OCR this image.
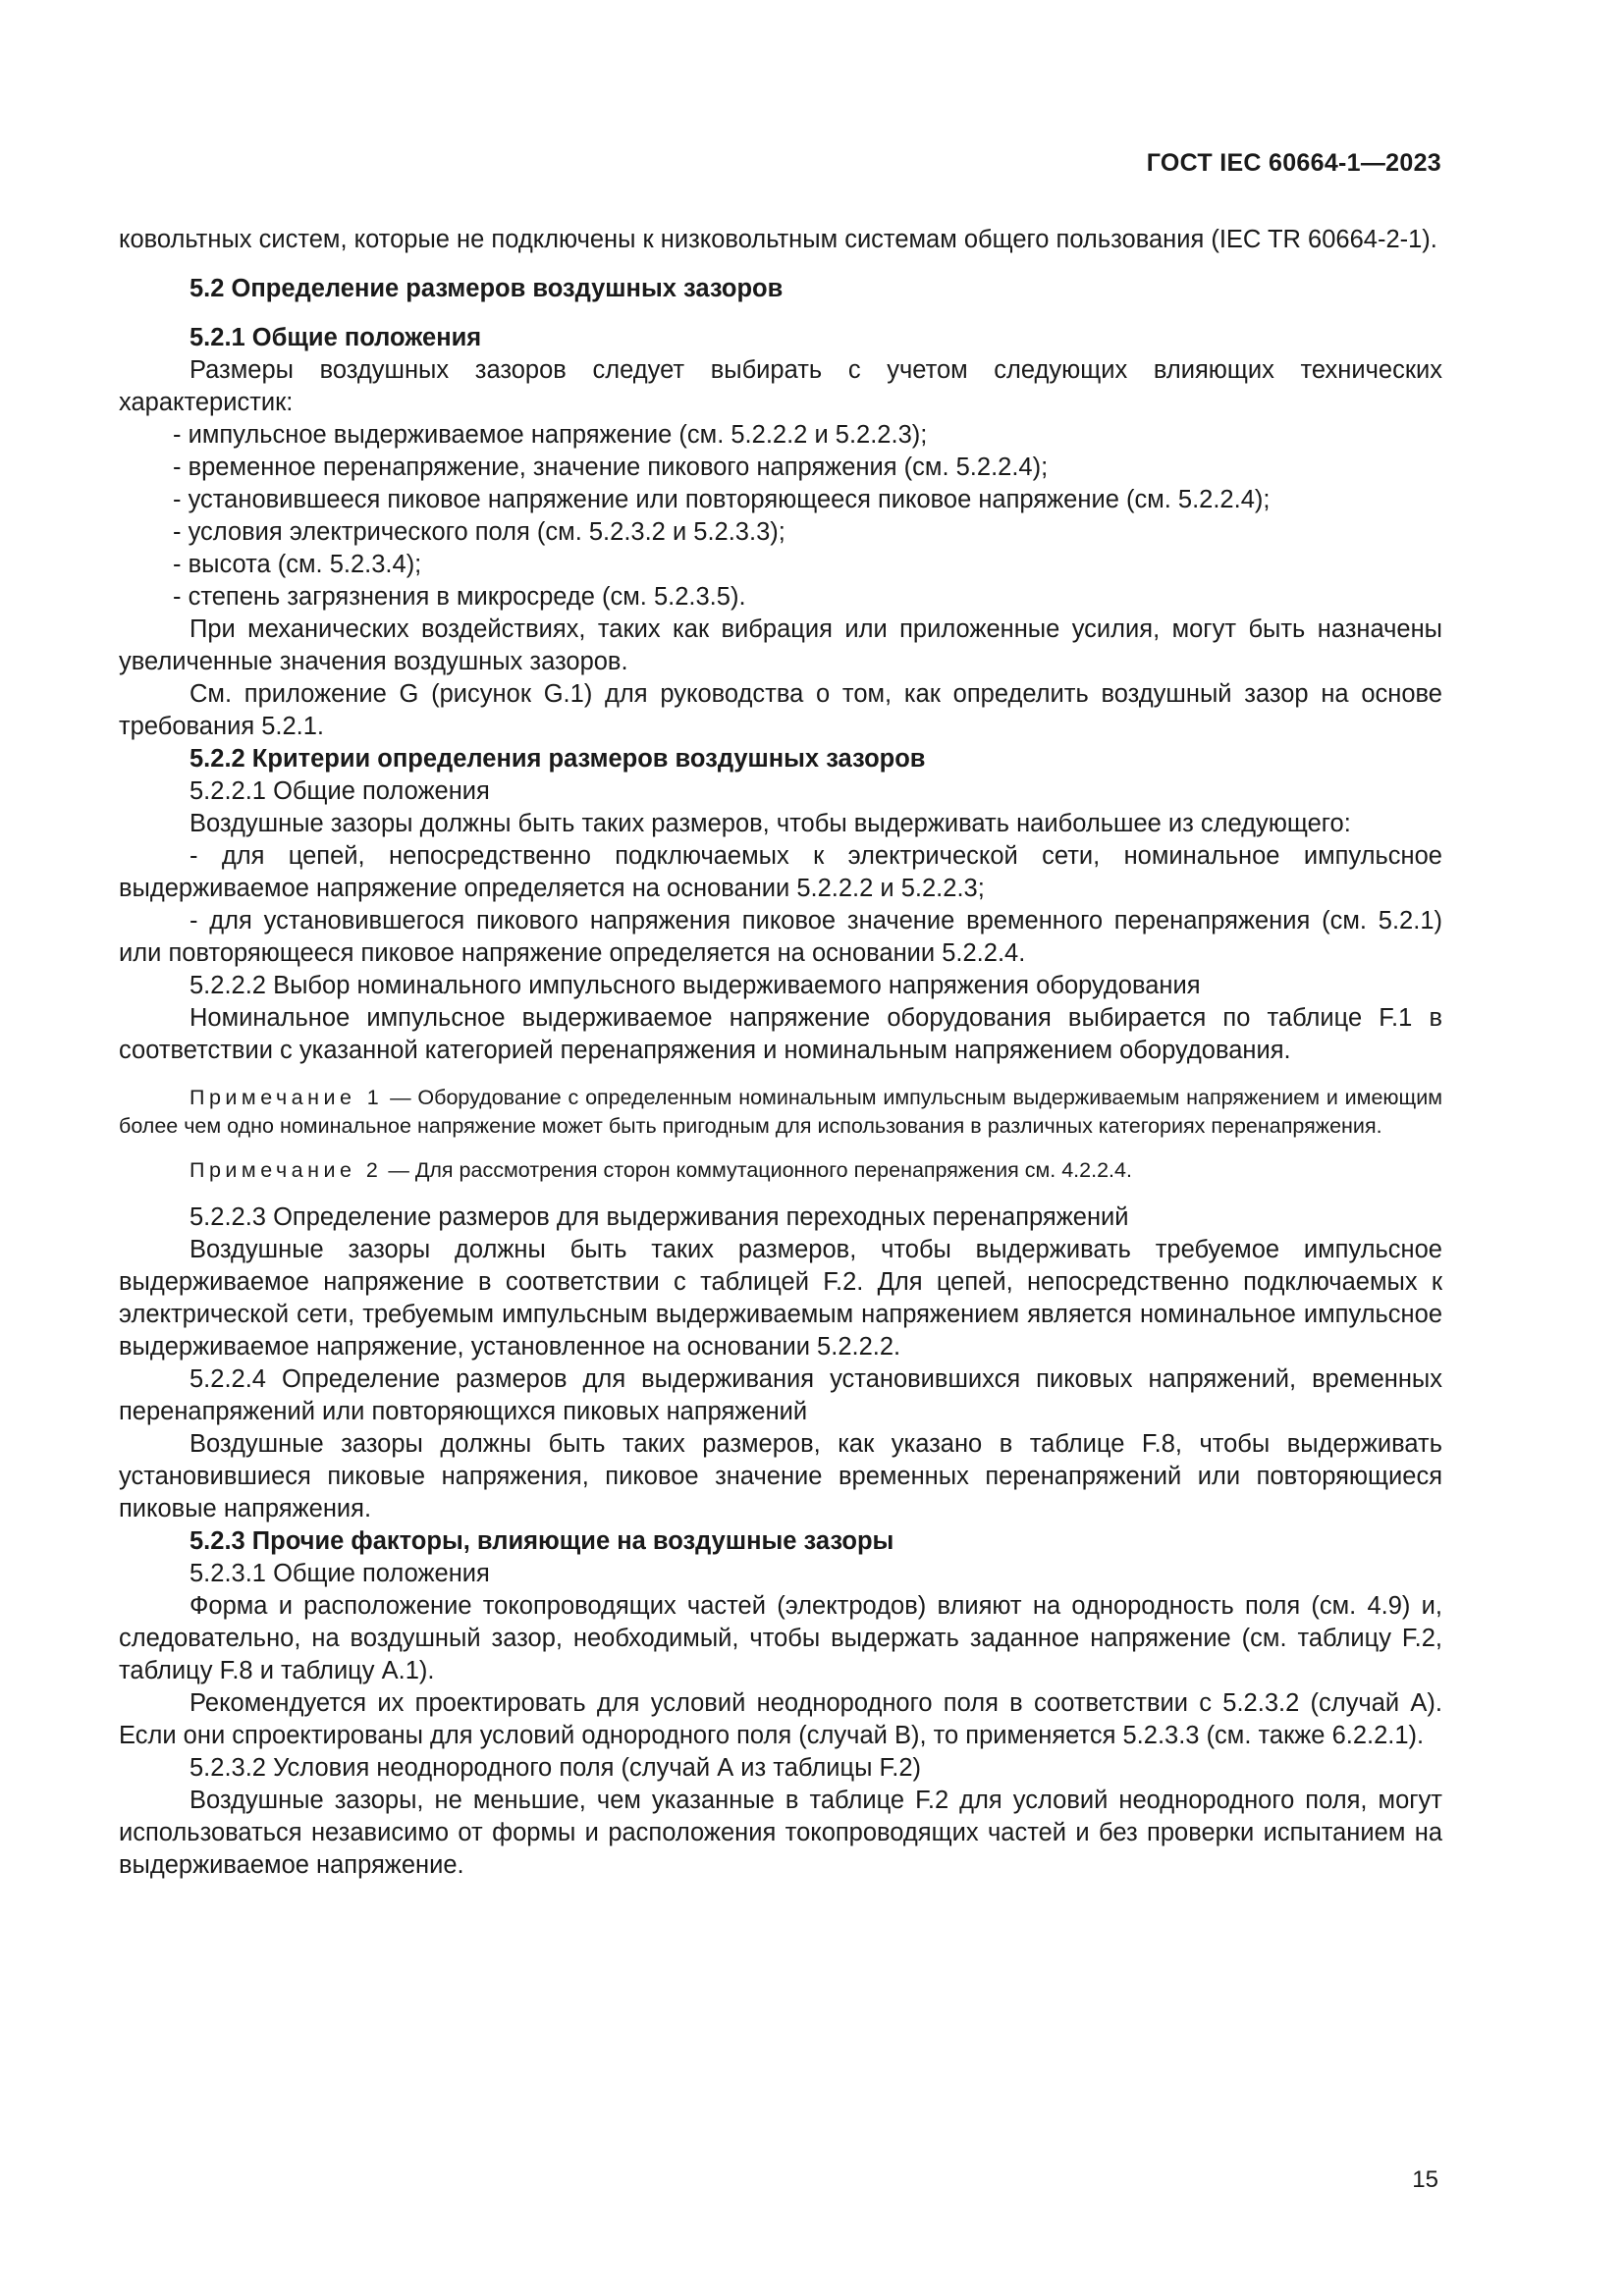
ГОСТ IEC 60664-1—2023

ковольтных систем, которые не подключены к низковольтным системам общего пользования (IEC TR 60664-2-1).

5.2 Определение размеров воздушных зазоров

5.2.1 Общие положения

Размеры воздушных зазоров следует выбирать с учетом следующих влияющих технических характеристик:

- импульсное выдерживаемое напряжение (см. 5.2.2.2 и 5.2.2.3);

- временное перенапряжение, значение пикового напряжения (см. 5.2.2.4);

- установившееся пиковое напряжение или повторяющееся пиковое напряжение (см. 5.2.2.4);

- условия электрического поля (см. 5.2.3.2 и 5.2.3.3);

- высота (см. 5.2.3.4);

- степень загрязнения в микросреде (см. 5.2.3.5).

При механических воздействиях, таких как вибрация или приложенные усилия, могут быть назначены увеличенные значения воздушных зазоров.

См. приложение G (рисунок G.1) для руководства о том, как определить воздушный зазор на основе требования 5.2.1.

5.2.2 Критерии определения размеров воздушных зазоров

5.2.2.1 Общие положения

Воздушные зазоры должны быть таких размеров, чтобы выдерживать наибольшее из следующего:

- для цепей, непосредственно подключаемых к электрической сети, номинальное импульсное выдерживаемое напряжение определяется на основании 5.2.2.2 и 5.2.2.3;

- для установившегося пикового напряжения пиковое значение временного перенапряжения (см. 5.2.1) или повторяющееся пиковое напряжение определяется на основании 5.2.2.4.

5.2.2.2 Выбор номинального импульсного выдерживаемого напряжения оборудования

Номинальное импульсное выдерживаемое напряжение оборудования выбирается по таблице F.1 в соответствии с указанной категорией перенапряжения и номинальным напряжением оборудования.

Примечание 1 — Оборудование с определенным номинальным импульсным выдерживаемым напряжением и имеющим более чем одно номинальное напряжение может быть пригодным для использования в различных категориях перенапряжения.

Примечание 2 — Для рассмотрения сторон коммутационного перенапряжения см. 4.2.2.4.

5.2.2.3 Определение размеров для выдерживания переходных перенапряжений

Воздушные зазоры должны быть таких размеров, чтобы выдерживать требуемое импульсное выдерживаемое напряжение в соответствии с таблицей F.2. Для цепей, непосредственно подключаемых к электрической сети, требуемым импульсным выдерживаемым напряжением является номинальное импульсное выдерживаемое напряжение, установленное на основании 5.2.2.2.

5.2.2.4 Определение размеров для выдерживания установившихся пиковых напряжений, временных перенапряжений или повторяющихся пиковых напряжений

Воздушные зазоры должны быть таких размеров, как указано в таблице F.8, чтобы выдерживать установившиеся пиковые напряжения, пиковое значение временных перенапряжений или повторяющиеся пиковые напряжения.

5.2.3 Прочие факторы, влияющие на воздушные зазоры

5.2.3.1 Общие положения

Форма и расположение токопроводящих частей (электродов) влияют на однородность поля (см. 4.9) и, следовательно, на воздушный зазор, необходимый, чтобы выдержать заданное напряжение (см. таблицу F.2, таблицу F.8 и таблицу A.1).

Рекомендуется их проектировать для условий неоднородного поля в соответствии с 5.2.3.2 (случай А). Если они спроектированы для условий однородного поля (случай В), то применяется 5.2.3.3 (см. также 6.2.2.1).

5.2.3.2 Условия неоднородного поля (случай А из таблицы F.2)

Воздушные зазоры, не меньшие, чем указанные в таблице F.2 для условий неоднородного поля, могут использоваться независимо от формы и расположения токопроводящих частей и без проверки испытанием на выдерживаемое напряжение.

15
